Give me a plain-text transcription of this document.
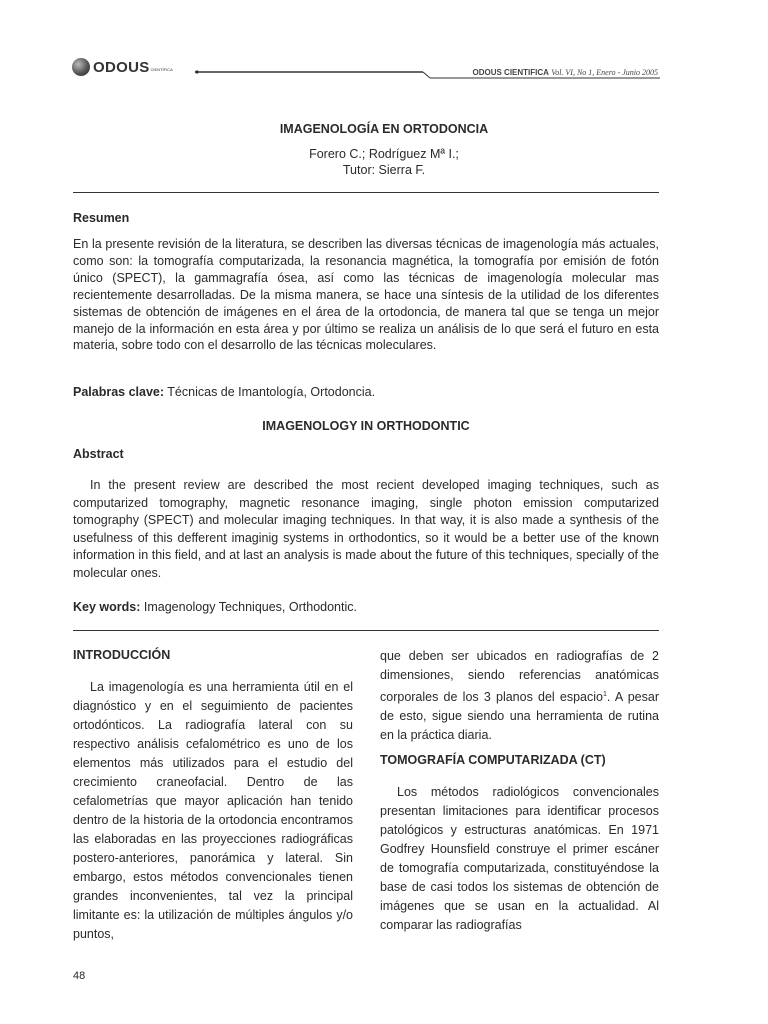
ODOUS CIENTÍFICA	ODOUS CIENTIFICA Vol. VI, No 1, Enero - Junio 2005
IMAGENOLOGÍA EN ORTODONCIA
Forero C.; Rodríguez Mª I.;
Tutor: Sierra F.
Resumen
En la presente revisión de la literatura, se describen las diversas técnicas de imagenología más actuales, como son: la tomografía computarizada, la resonancia magnética, la tomografía por emisión de fotón único (SPECT), la gammagrafía ósea, así como las técnicas de imagenología molecular mas recientemente desarrolladas. De la misma manera, se hace una síntesis de la utilidad de los diferentes sistemas de obtención de imágenes en el área de la ortodoncia, de manera tal que se tenga un mejor manejo de la información en esta área y por último se realiza un análisis de lo que será el futuro en esta materia, sobre todo con el desarrollo de las técnicas moleculares.
Palabras clave: Técnicas de Imantología, Ortodoncia.
IMAGENOLOGY IN ORTHODONTIC
Abstract
In the present review are described the most recient developed imaging techniques, such as computarized tomography, magnetic resonance imaging, single photon emission computarized tomography (SPECT) and molecular imaging techniques. In that way, it is also made a synthesis of the usefulness of this defferent imaginig systems in orthodontics, so it would be a better use of the known information in this field, and at last an analysis is made about the future of this techniques, specially of the molecular ones.
Key words: Imagenology Techniques, Orthodontic.
INTRODUCCIÓN
La imagenología es una herramienta útil en el diagnóstico y en el seguimiento de pacientes ortodónticos. La radiografía lateral con su respectivo análisis cefalométrico es uno de los elementos más utilizados para el estudio del crecimiento craneofacial. Dentro de las cefalometrías que mayor aplicación han tenido dentro de la historia de la ortodoncia encontramos las elaboradas en las proyecciones radiográficas postero-anteriores, panorámica y lateral. Sin embargo, estos métodos convencionales tienen grandes inconvenientes, tal vez la principal limitante es: la utilización de múltiples ángulos y/o puntos,
que deben ser ubicados en radiografías de 2 dimensiones, siendo referencias anatómicas corporales de los 3 planos del espacio$^1$. A pesar de esto, sigue siendo una herramienta de rutina en la práctica diaria.
TOMOGRAFÍA COMPUTARIZADA (CT)
Los métodos radiológicos convencionales presentan limitaciones para identificar procesos patológicos y estructuras anatómicas. En 1971 Godfrey Hounsfield construye el primer escáner de tomografía computarizada, constituyéndose la base de casi todos los sistemas de obtención de imágenes que se usan en la actualidad. Al comparar las radiografías
48
